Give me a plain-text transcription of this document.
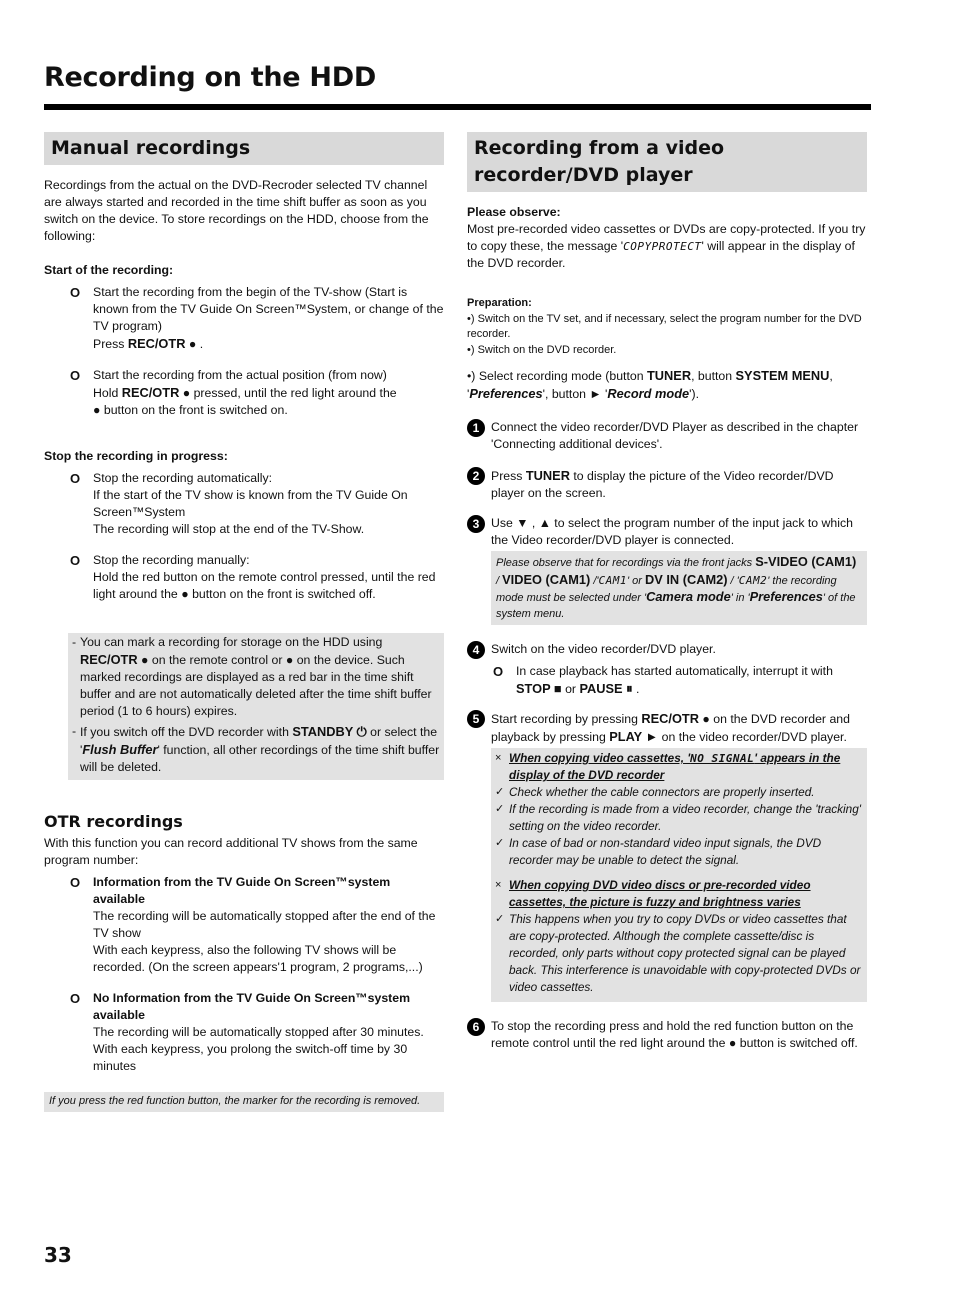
Recording on the HDD
Manual recordings

Recordings from the actual on the DVD-Recroder selected TV channel are always started and recorded in the time shift buffer as soon as you switch on the device. To store recordings on the HDD, choose from the following:

Start of the recording:

O Start the recording from the begin of the TV-show (Start is known from the TV Guide On Screen™System, or change of the TV program)
Press REC/OTR ● .
O Start the recording from the actual position (from now)
Hold REC/OTR ● pressed, until the red light around the
● button on the front is switched on.

Stop the recording in progress:

O Stop the recording automatically:
If the start of the TV show is known from the TV Guide On Screen™System
The recording will stop at the end of the TV-Show.
O Stop the recording manually:
Hold the red button on the remote control pressed, until the red light around the ● button on the front is switched off.
- You can mark a recording for storage on the HDD using
REC/OTR ● on the remote control or ● on the device. Such marked recordings are displayed as a red bar in the time shift buffer and are not automatically deleted after the time shift buffer period (1 to 6 hours) expires.
- If you switch off the DVD recorder with STANDBY ⏻ or select the 'Flush Buffer' function, all other recordings of the time shift buffer will be deleted.
OTR recordings

With this function you can record additional TV shows from the same program number:

O Information from the TV Guide On Screen™system available
The recording will be automatically stopped after the end of the TV show
With each keypress, also the following TV shows will be recorded. (On the screen appears'1 program, 2 programs,...)
O No Information from the TV Guide On Screen™system available
The recording will be automatically stopped after 30 minutes.
With each keypress, you prolong the switch-off time by 30 minutes
If you press the red function button, the marker for the recording is removed.
Recording from a video recorder/DVD player

Please observe:

Most pre-recorded video cassettes or DVDs are copy-protected. If you try to copy these, the message 'COPYPROTECT' will appear in the display of the DVD recorder.

Preparation:

•) Switch on the TV set, and if necessary, select the program number for the DVD recorder.

•) Switch on the DVD recorder.

•) Select recording mode (button TUNER, button SYSTEM MENU, 'Preferences', button ► 'Record mode').

1 Connect the video recorder/DVD Player as described in the chapter 'Connecting additional devices'.
2 Press TUNER to display the picture of the Video recorder/DVD player on the screen.
3 Use ▼ , ▲ to select the program number of the input jack to which the Video recorder/DVD player is connected.
Please observe that for recordings via the front jacks S-VIDEO (CAM1) / VIDEO (CAM1) /'CAM1' or DV IN (CAM2) / 'CAM2' the recording mode must be selected under 'Camera mode' in 'Preferences' of the system menu.
4 Switch on the video recorder/DVD player.
O In case playback has started automatically, interrupt it with
STOP ■ or PAUSE ⏸ .
5 Start recording by pressing REC/OTR ● on the DVD recorder and playback by pressing PLAY ► on the video recorder/DVD player.
× When copying video cassettes, 'NO SIGNAL' appears in the display of the DVD recorder
✓ Check whether the cable connectors are properly inserted.
✓ If the recording is made from a video recorder, change the 'tracking' setting on the video recorder.
✓ In case of bad or non-standard video input signals, the DVD recorder may be unable to detect the signal.
× When copying DVD video discs or pre-recorded video cassettes, the picture is fuzzy and brightness varies
✓ This happens when you try to copy DVDs or video cassettes that are copy-protected. Although the complete cassette/disc is recorded, only parts without copy protected signal can be played back. This interference is unavoidable with copy-protected DVDs or video cassettes.
6 To stop the recording press and hold the red function button on the remote control until the red light around the ● button is switched off.
33
